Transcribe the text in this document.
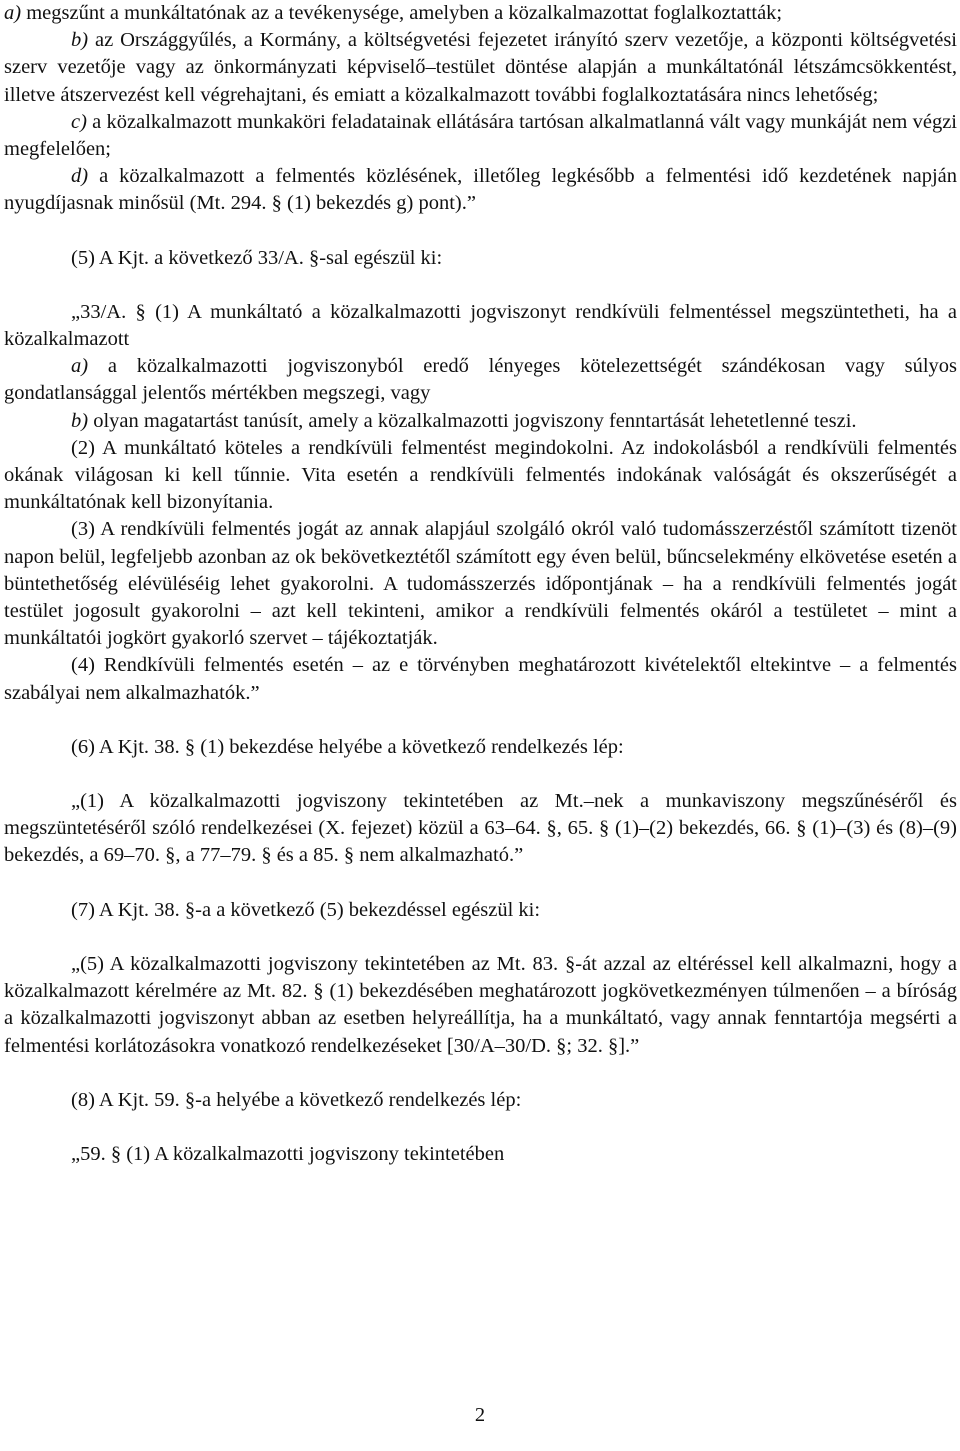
a) megszűnt a munkáltatónak az a tevékenysége, amelyben a közalkalmazottat foglalkoztatták;

b) az Országgyűlés, a Kormány, a költségvetési fejezetet irányító szerv vezetője, a központi költségvetési szerv vezetője vagy az önkormányzati képviselő–testület döntése alapján a munkáltatónál létszámcsökkentést, illetve átszervezést kell végrehajtani, és emiatt a közalkalmazott további foglalkoztatására nincs lehetőség;

c) a közalkalmazott munkaköri feladatainak ellátására tartósan alkalmatlanná vált vagy munkáját nem végzi megfelelően;

d) a közalkalmazott a felmentés közlésének, illetőleg legkésőbb a felmentési idő kezdetének napján nyugdíjasnak minősül (Mt. 294. § (1) bekezdés g) pont).”

(5) A Kjt. a következő 33/A. §-sal egészül ki:

„33/A. § (1) A munkáltató a közalkalmazotti jogviszonyt rendkívüli felmentéssel megszüntetheti, ha a közalkalmazott

a) a közalkalmazotti jogviszonyból eredő lényeges kötelezettségét szándékosan vagy súlyos gondatlansággal jelentős mértékben megszegi, vagy

b) olyan magatartást tanúsít, amely a közalkalmazotti jogviszony fenntartását lehetetlenné teszi.

(2) A munkáltató köteles a rendkívüli felmentést megindokolni. Az indokolásból a rendkívüli felmentés okának világosan ki kell tűnnie. Vita esetén a rendkívüli felmentés indokának valóságát és okszerűségét a munkáltatónak kell bizonyítania.

(3) A rendkívüli felmentés jogát az annak alapjául szolgáló okról való tudomásszerzéstől számított tizenöt napon belül, legfeljebb azonban az ok bekövetkeztétől számított egy éven belül, bűncselekmény elkövetése esetén a büntethetőség elévüléséig lehet gyakorolni. A tudomásszerzés időpontjának – ha a rendkívüli felmentés jogát testület jogosult gyakorolni – azt kell tekinteni, amikor a rendkívüli felmentés okáról a testületet – mint a munkáltatói jogkört gyakorló szervet – tájékoztatják.

(4) Rendkívüli felmentés esetén – az e törvényben meghatározott kivételektől eltekintve – a felmentés szabályai nem alkalmazhatók.”

(6) A Kjt. 38. § (1) bekezdése helyébe a következő rendelkezés lép:

„(1) A közalkalmazotti jogviszony tekintetében az Mt.–nek a munkaviszony megszűnéséről és megszüntetéséről szóló rendelkezései (X. fejezet) közül a 63–64. §, 65. § (1)–(2) bekezdés, 66. § (1)–(3) és (8)–(9) bekezdés, a 69–70. §, a 77–79. § és a 85. § nem alkalmazható.”

(7) A Kjt. 38. §-a a következő (5) bekezdéssel egészül ki:

„(5) A közalkalmazotti jogviszony tekintetében az Mt. 83. §-át azzal az eltéréssel kell alkalmazni, hogy a közalkalmazott kérelmére az Mt. 82. § (1) bekezdésében meghatározott jogkövetkezményen túlmenően – a bíróság a közalkalmazotti jogviszonyt abban az esetben helyreállítja, ha a munkáltató, vagy annak fenntartója megsérti a felmentési korlátozásokra vonatkozó rendelkezéseket [30/A–30/D. §; 32. §].”

(8) A Kjt. 59. §-a helyébe a következő rendelkezés lép:

„59. § (1) A közalkalmazotti jogviszony tekintetében

2
